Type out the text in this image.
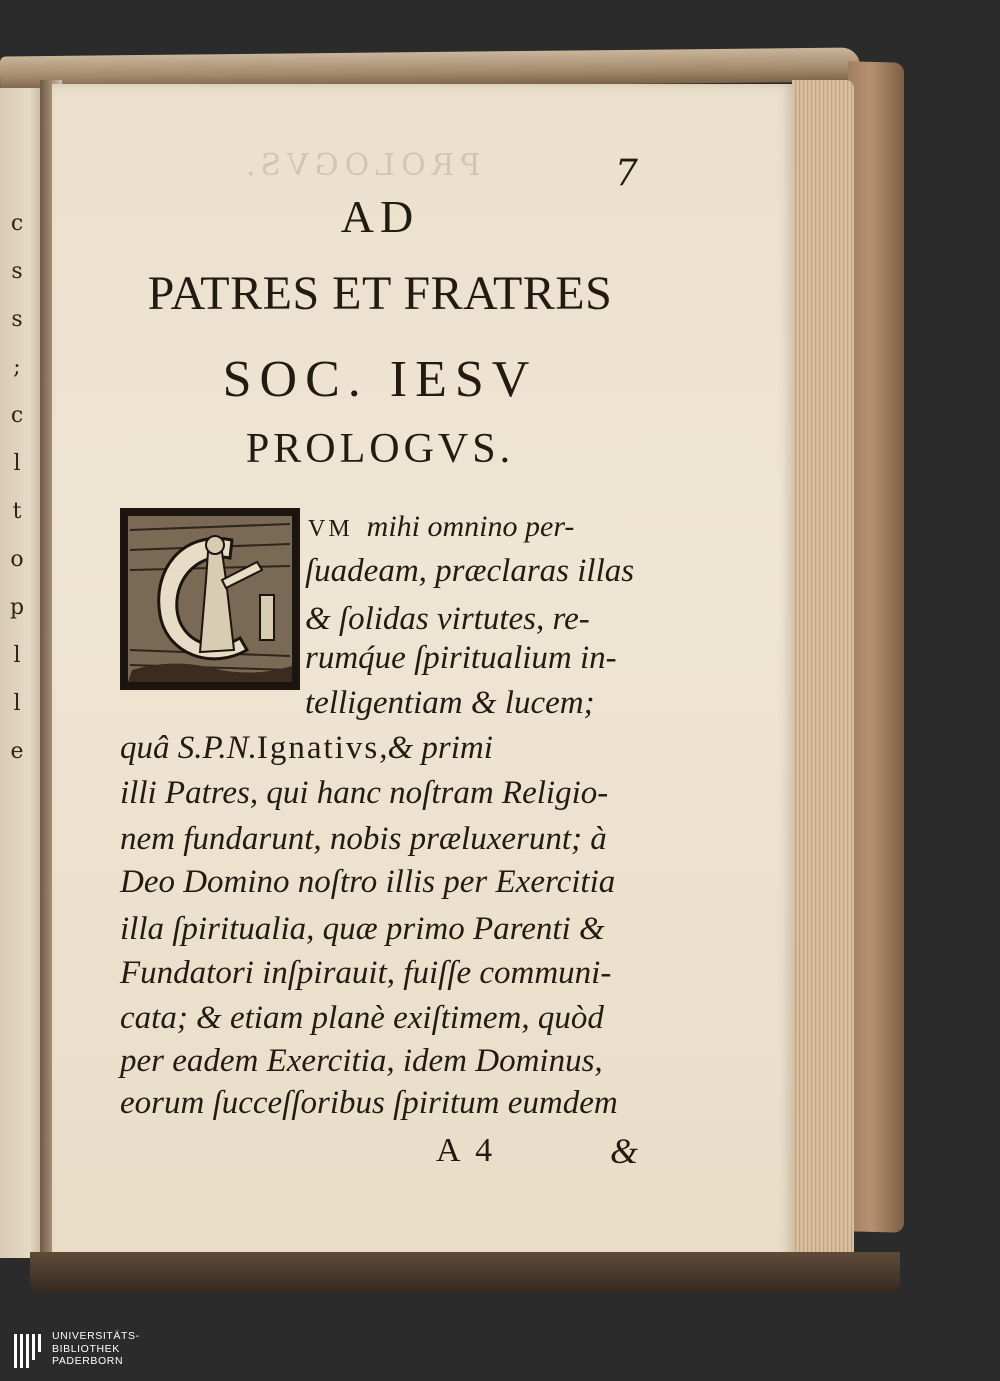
c
s
s
;
c
l
t
o
p
l
l
e
PROLOGVS.	7
AD
PATRES ET FRATRES
SOC. IESV
PROLOGVS.
VM mihi omnino per-
ſuadeam, præclaras illas
& ſolidas virtutes, re-
rumq́ue ſpiritualium in-
telligentiam & lucem;
quâ S.P.N.Ignativs,& primi
illi Patres, qui hanc noſtram Religio-
nem fundarunt, nobis præluxerunt; à
Deo Domino noſtro illis per Exercitia
illa ſpiritualia, quæ primo Parenti &
Fundatori inſpirauit, fuiſſe communi-
cata; & etiam planè exiſtimem, quòd
per eadem Exercitia, idem Dominus,
eorum ſucceſſoribus ſpiritum eumdem
A 4	&
UNIVERSITÄTS-
BIBLIOTHEK
PADERBORN
